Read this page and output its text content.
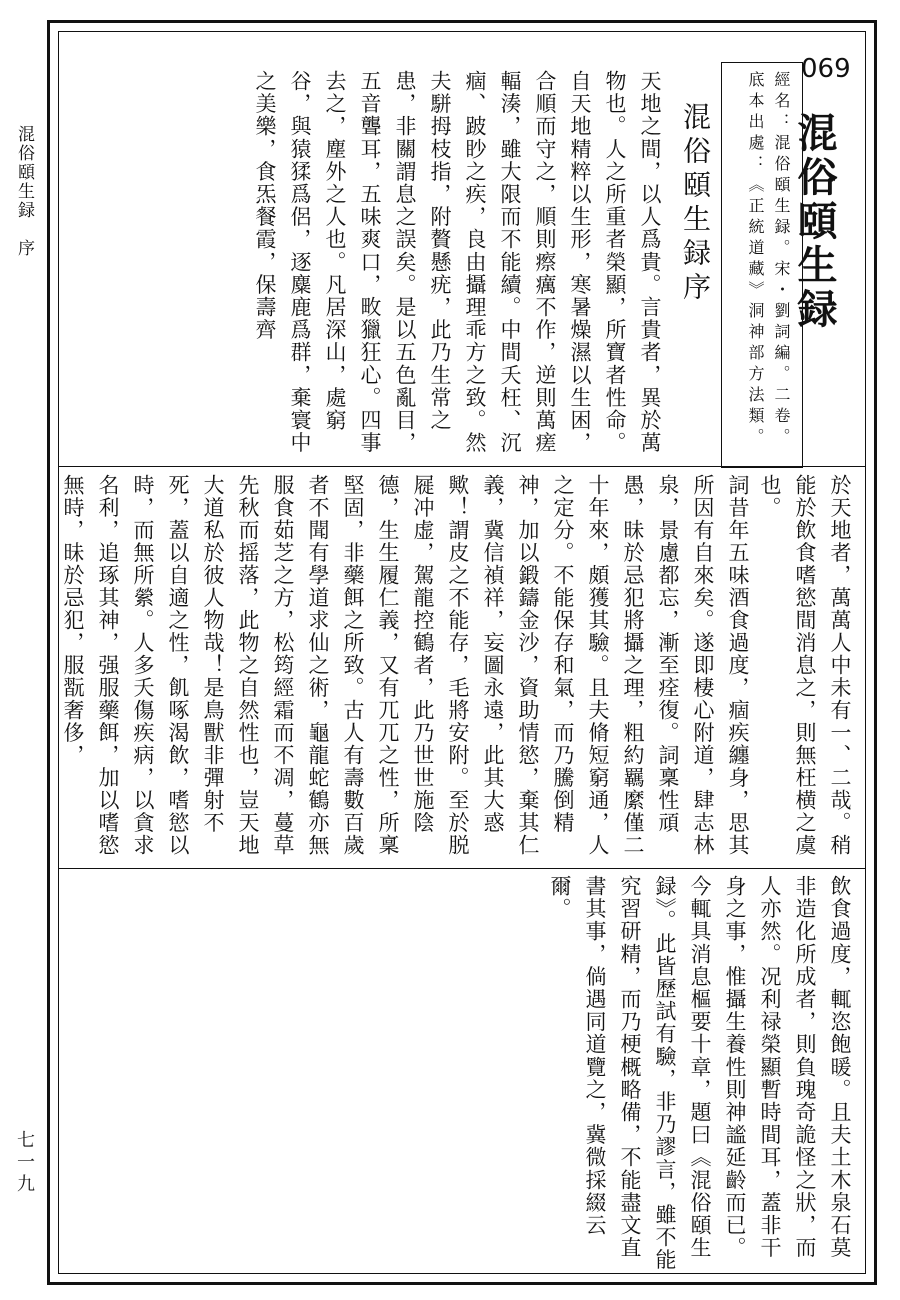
混俗頤生録　序
七一九
069
混俗頤生録
經名：混俗頤生録。宋・劉詞編。二卷。底本出處：《正統道藏》洞神部方法類。
混俗頤生録序
天地之間，以人爲貴。言貴者，異於萬物也。人之所重者榮顯，所寶者性命。自天地精粹以生形，寒暑燥濕以生困，合順而守之，順則瘵癘不作，逆則萬瘥輻湊，雖大限而不能續。中間夭枉、沉痼、跛眇之疾，良由攝理乖方之致。然夫駢拇枝指，附贅懸疣，此乃生常之患，非關謂息之誤矣。是以五色亂目，五音聾耳，五味爽口，畋獵狂心。四事去之，塵外之人也。凡居深山，處窮谷，與猿猱爲侶，逐麋鹿爲群，棄寰中之美樂，食炁餐霞，保壽齊
於天地者，萬萬人中未有一、二哉。稍能於飲食嗜慾間消息之，則無枉横之虞也。
詞昔年五味酒食過度，痼疾纏身，思其所因有自來矣。遂即棲心附道，肆志林泉，景慮都忘，漸至痊復。詞稟性頑愚，昧於忌犯將攝之理，粗約羈縻僅二十年來，頗獲其驗。且夫脩短窮通，人之定分。不能保存和氣，而乃騰倒精神，加以鍛鑄金沙，資助情慾，棄其仁義，冀信禎祥，妄圖永遠，此其大惑歟！謂皮之不能存，毛將安附。至於脱屣冲虚，駕龍控鶴者，此乃世世施陰德，生生履仁義，又有兀兀之性，所稟堅固，非藥餌之所致。古人有壽數百歲者不聞有學道求仙之術，龜龍蛇鶴亦無服食茹芝之方，松筠經霜而不凋，蔓草先秋而摇落，此物之自然性也，豈天地大道私於彼人物哉！是鳥獸非彈射不死，蓋以自適之性，飢啄渴飲，嗜慾以時，而無所縈。人多夭傷疾病，以貪求名利，追琢其神，强服藥餌，加以嗜慾無時，昧於忌犯，服翫奢侈，
飲食過度，輒恣飽暖。且夫土木泉石莫非造化所成者，則負瑰奇詭怪之狀，而人亦然。况利禄榮顯暫時間耳，蓋非干身之事，惟攝生養性則神謐延齡而已。今輒具消息樞要十章，題曰《混俗頤生録》。此皆歷試有驗，非乃謬言，雖不能究習研精，而乃梗概略備，不能盡文直書其事，倘遇同道覽之，冀微採綴云爾。
